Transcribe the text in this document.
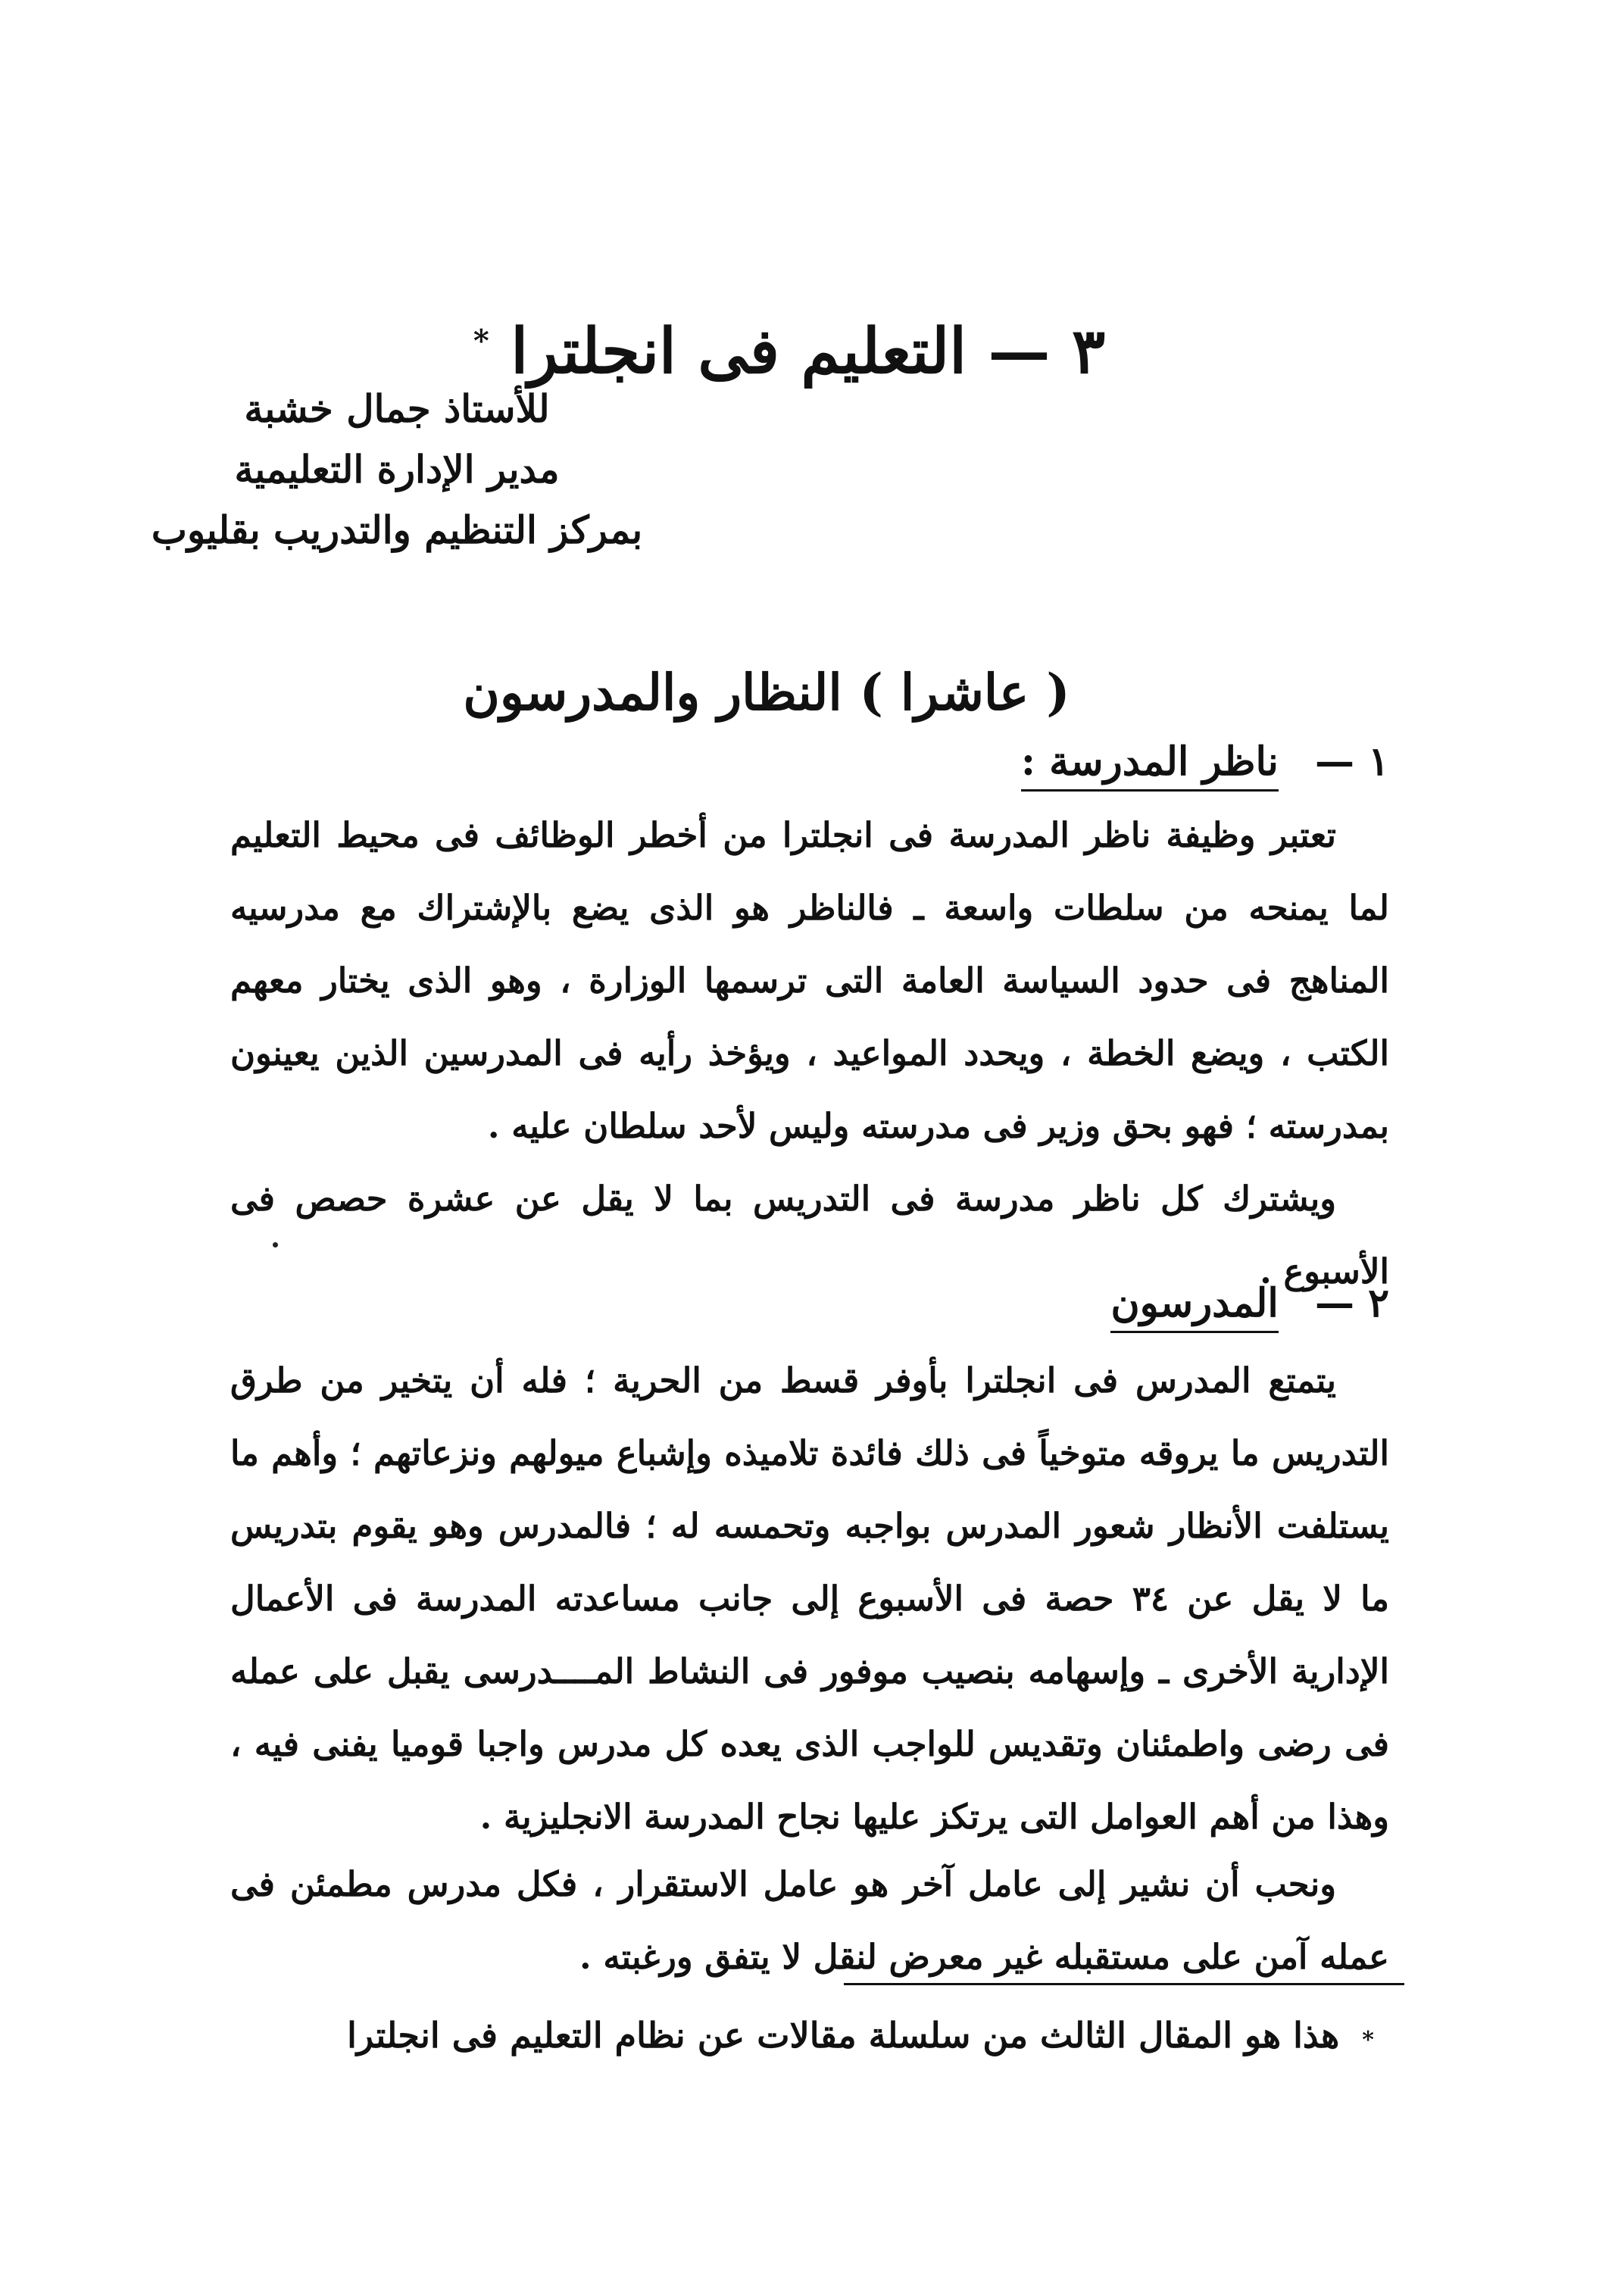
٣ — التعليم فى انجلترا *
للأستاذ جمال خشبة
مدير الإدارة التعليمية
بمركز التنظيم والتدريب بقليوب
( عاشرا ) النظار والمدرسون
١ — ناظر المدرسة :

تعتبر وظيفة ناظر المدرسة فى انجلترا من أخطر الوظائف فى محيط التعليم لما يمنحه من سلطات واسعة ـ فالناظر هو الذى يضع بالإشتراك مع مدرسيه المناهج فى حدود السياسة العامة التى ترسمها الوزارة ، وهو الذى يختار معهم الكتب ، ويضع الخطة ، ويحدد المواعيد ، ويؤخذ رأيه فى المدرسين الذين يعينون بمدرسته ؛ فهو بحق وزير فى مدرسته وليس لأحد سلطان عليه .

ويشترك كل ناظر مدرسة فى التدريس بما لا يقل عن عشرة حصص فى الأسبوع .

٢ — المدرسون

يتمتع المدرس فى انجلترا بأوفر قسط من الحرية ؛ فله أن يتخير من طرق التدريس ما يروقه متوخياً فى ذلك فائدة تلاميذه وإشباع ميولهم ونزعاتهم ؛ وأهم ما يستلفت الأنظار شعور المدرس بواجبه وتحمسه له ؛ فالمدرس وهو يقوم بتدريس ما لا يقل عن ٣٤ حصة فى الأسبوع إلى جانب مساعدته المدرسة فى الأعمال الإدارية الأخرى ـ وإسهامه بنصيب موفور فى النشاط المــــدرسى يقبل على عمله فى رضى واطمئنان وتقديس للواجب الذى يعده كل مدرس واجبا قوميا يفنى فيه ، وهذا من أهم العوامل التى يرتكز عليها نجاح المدرسة الانجليزية .

ونحب أن نشير إلى عامل آخر هو عامل الاستقرار ، فكل مدرس مطمئن فى عمله آمن على مستقبله غير معرض لنقل لا يتفق ورغبته .

* هذا هو المقال الثالث من سلسلة مقالات عن نظام التعليم فى انجلترا
